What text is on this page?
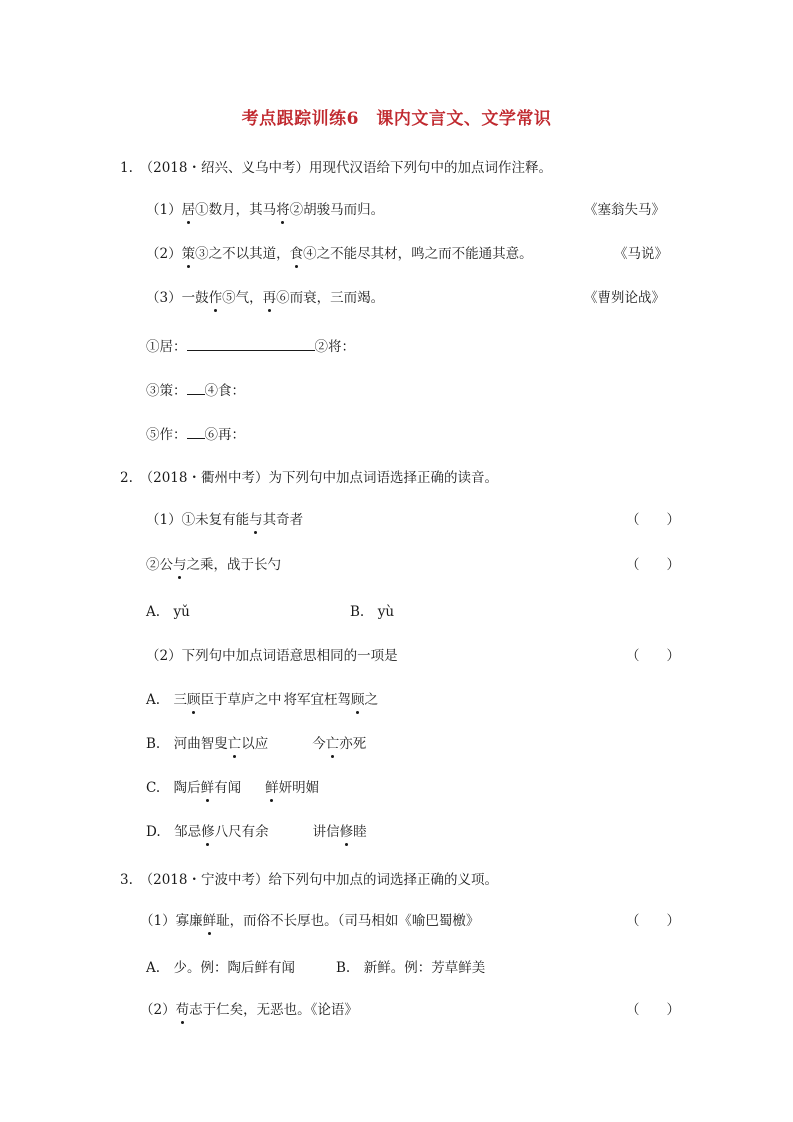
考点跟踪训练6　课内文言文、文学常识
1.　（2018・绍兴、义乌中考）用现代汉语给下列句中的加点词作注释。
（1）居①数月，其马将②胡骏马而归。	《塞翁失马》
（2）策③之不以其道，食④之不能尽其材，鸣之而不能通其意。	《马说》
（3）一鼓作⑤气，再⑥而衰，三而竭。	《曹刿论战》
①居：	②将：
③策： ④食：
⑤作： ⑥再：
2.　（2018・衢州中考）为下列句中加点词语选择正确的读音。
（1）①未复有能与其奇者	（　　）
②公与之乘，战于长勺	（　　）
A.　yǔ	B.　yù
（2）下列句中加点词语意思相同的一项是	（　　）
A.　三顾臣于草庐之中 将军宜枉驾顾之
B.　河曲智叟亡以应	今亡亦死
C.　陶后鲜有闻 鲜妍明媚
D.　邹忌修八尺有余	讲信修睦
3.　（2018・宁波中考）给下列句中加点的词选择正确的义项。
（1）寡廉鲜耻，而俗不长厚也。（司马相如《喻巴蜀檄》	（　　）
A.　少。例：陶后鲜有闻	B.　新鲜。例：芳草鲜美
（2）苟志于仁矣，无恶也。《论语》	（　　）
